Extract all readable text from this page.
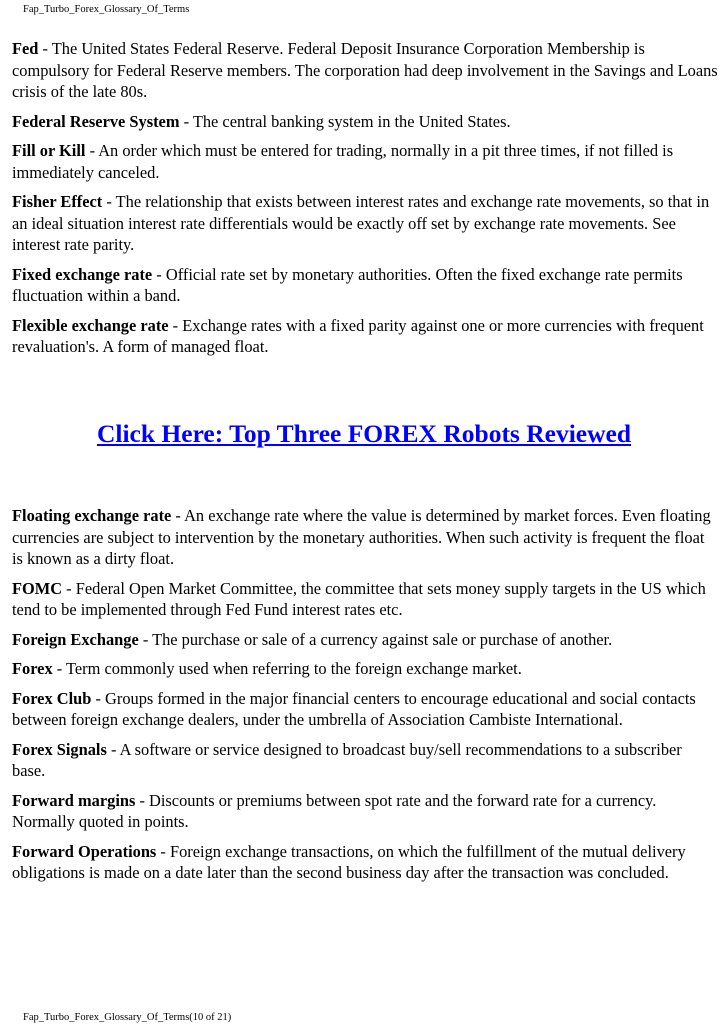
Fap_Turbo_Forex_Glossary_Of_Terms

Fed - The United States Federal Reserve. Federal Deposit Insurance Corporation Membership is compulsory for Federal Reserve members. The corporation had deep involvement in the Savings and Loans crisis of the late 80s.

Federal Reserve System - The central banking system in the United States.

Fill or Kill - An order which must be entered for trading, normally in a pit three times, if not filled is immediately canceled.

Fisher Effect - The relationship that exists between interest rates and exchange rate movements, so that in an ideal situation interest rate differentials would be exactly off set by exchange rate movements. See interest rate parity.

Fixed exchange rate - Official rate set by monetary authorities. Often the fixed exchange rate permits fluctuation within a band.

Flexible exchange rate - Exchange rates with a fixed parity against one or more currencies with frequent revaluation's. A form of managed float.

Click Here: Top Three FOREX Robots Reviewed

Floating exchange rate - An exchange rate where the value is determined by market forces. Even floating currencies are subject to intervention by the monetary authorities. When such activity is frequent the float is known as a dirty float.

FOMC - Federal Open Market Committee, the committee that sets money supply targets in the US which tend to be implemented through Fed Fund interest rates etc.

Foreign Exchange - The purchase or sale of a currency against sale or purchase of another.

Forex - Term commonly used when referring to the foreign exchange market.

Forex Club - Groups formed in the major financial centers to encourage educational and social contacts between foreign exchange dealers, under the umbrella of Association Cambiste International.

Forex Signals - A software or service designed to broadcast buy/sell recommendations to a subscriber base.

Forward margins - Discounts or premiums between spot rate and the forward rate for a currency. Normally quoted in points.

Forward Operations - Foreign exchange transactions, on which the fulfillment of the mutual delivery obligations is made on a date later than the second business day after the transaction was concluded.

Fap_Turbo_Forex_Glossary_Of_Terms(10 of 21)
